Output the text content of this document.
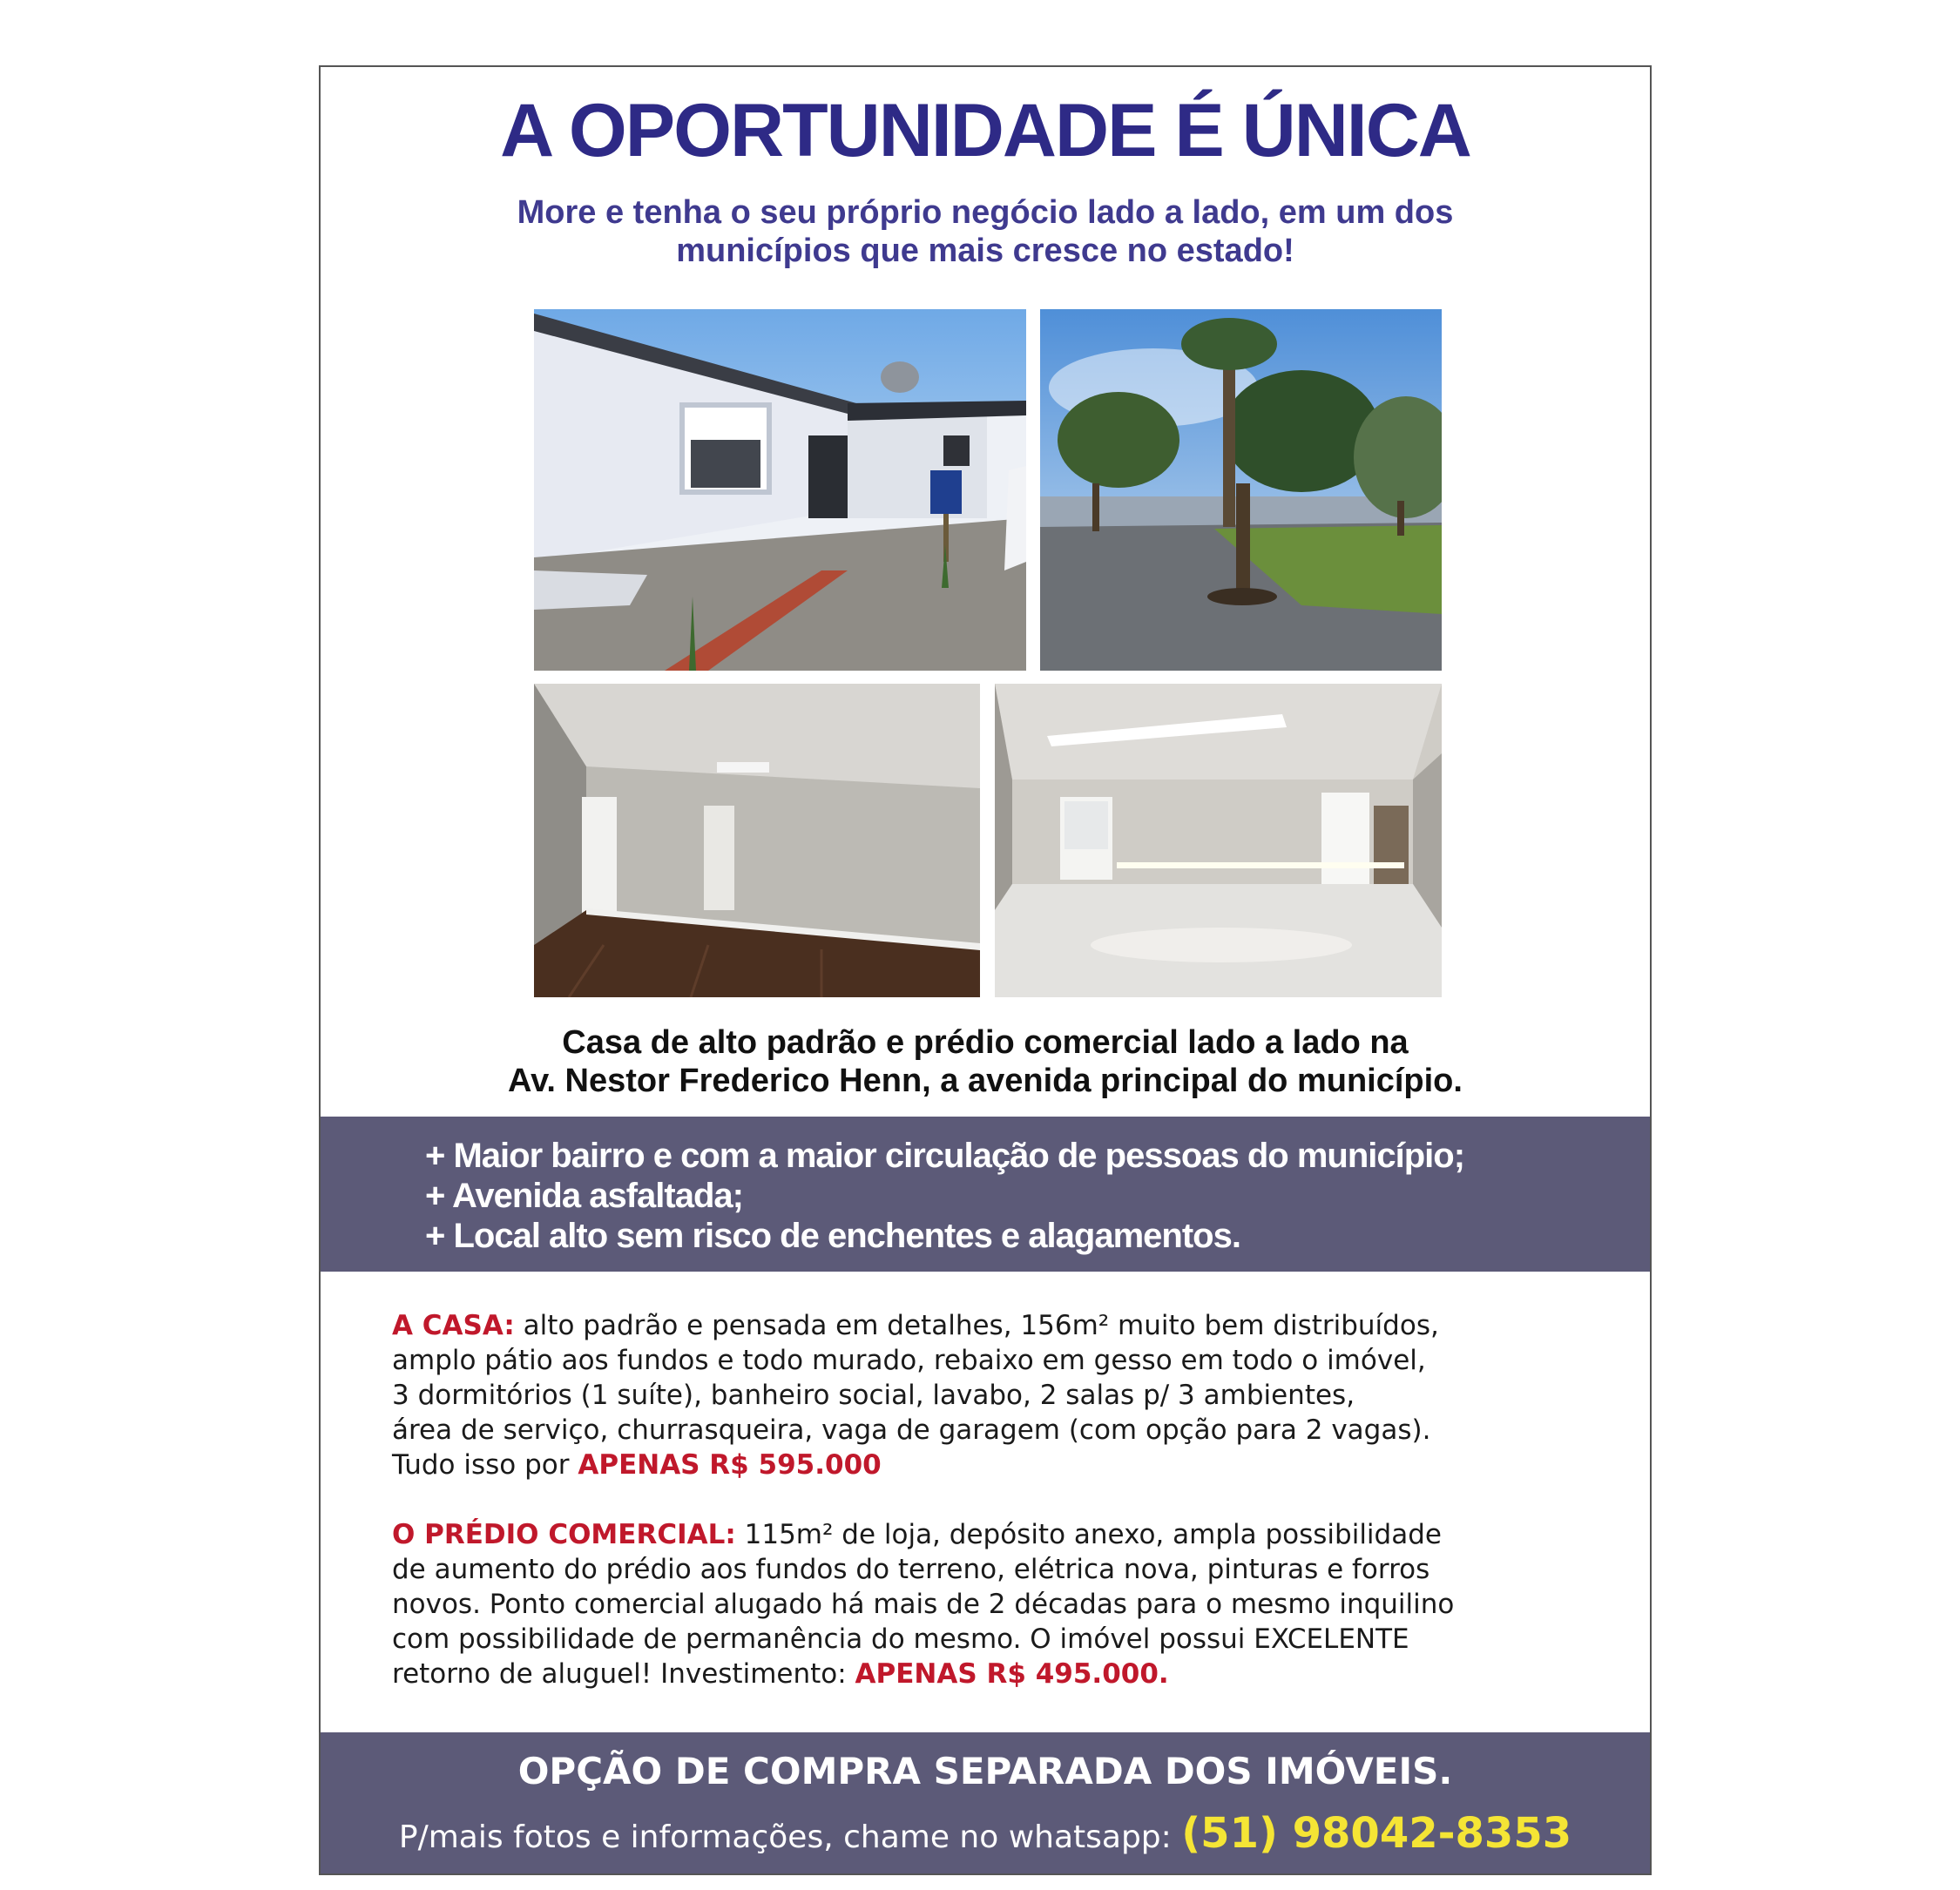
A OPORTUNIDADE É ÚNICA
More e tenha o seu próprio negócio lado a lado, em um dos
municípios que mais cresce no estado!
Casa de alto padrão e prédio comercial lado a lado na
Av. Nestor Frederico Henn, a avenida principal do município.
+ Maior bairro e com a maior circulação de pessoas do município;
+ Avenida asfaltada;
+ Local alto sem risco de enchentes e alagamentos.
A CASA: alto padrão e pensada em detalhes, 156m² muito bem distribuídos,
amplo pátio aos fundos e todo murado, rebaixo em gesso em todo o imóvel,
3 dormitórios (1 suíte), banheiro social, lavabo, 2 salas p/ 3 ambientes,
área de serviço, churrasqueira, vaga de garagem (com opção para 2 vagas).
Tudo isso por APENAS R$ 595.000
O PRÉDIO COMERCIAL: 115m² de loja, depósito anexo, ampla possibilidade
de aumento do prédio aos fundos do terreno, elétrica nova, pinturas e forros
novos. Ponto comercial alugado há mais de 2 décadas para o mesmo inquilino
com possibilidade de permanência do mesmo. O imóvel possui EXCELENTE
retorno de aluguel! Investimento: APENAS R$ 495.000.
OPÇÃO DE COMPRA SEPARADA DOS IMÓVEIS.
P/mais fotos e informações, chame no whatsapp: (51) 98042-8353
